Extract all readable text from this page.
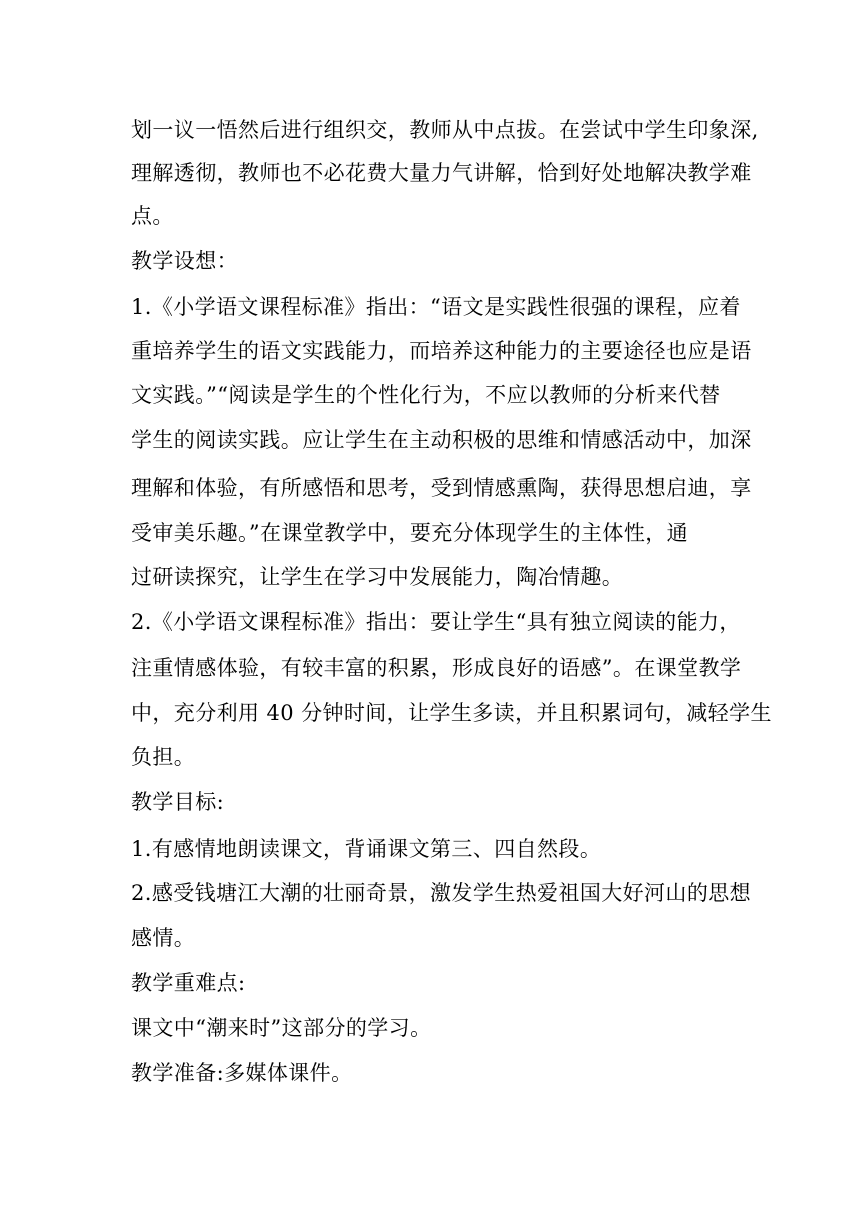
划一议一悟然后进行组织交，教师从中点拔。在尝试中学生印象深,
理解透彻，教师也不必花费大量力气讲解，恰到好处地解决教学难
点。
教学设想：
1.《小学语文课程标准》指出：“语文是实践性很强的课程，应着
重培养学生的语文实践能力，而培养这种能力的主要途径也应是语
文实践。”“阅读是学生的个性化行为，不应以教师的分析来代替
学生的阅读实践。应让学生在主动积极的思维和情感活动中，加深
理解和体验，有所感悟和思考，受到情感熏陶，获得思想启迪，享
受审美乐趣。”在课堂教学中，要充分体现学生的主体性，通
过研读探究，让学生在学习中发展能力，陶冶情趣。
2.《小学语文课程标准》指出：要让学生“具有独立阅读的能力，
注重情感体验，有较丰富的积累，形成良好的语感”。在课堂教学
中，充分利用 40 分钟时间，让学生多读，并且积累词句，减轻学生
负担。
教学目标:
1.有感情地朗读课文，背诵课文第三、四自然段。
2.感受钱塘江大潮的壮丽奇景，激发学生热爱祖国大好河山的思想
感情。
教学重难点:
课文中“潮来时”这部分的学习。
教学准备:多媒体课件。
